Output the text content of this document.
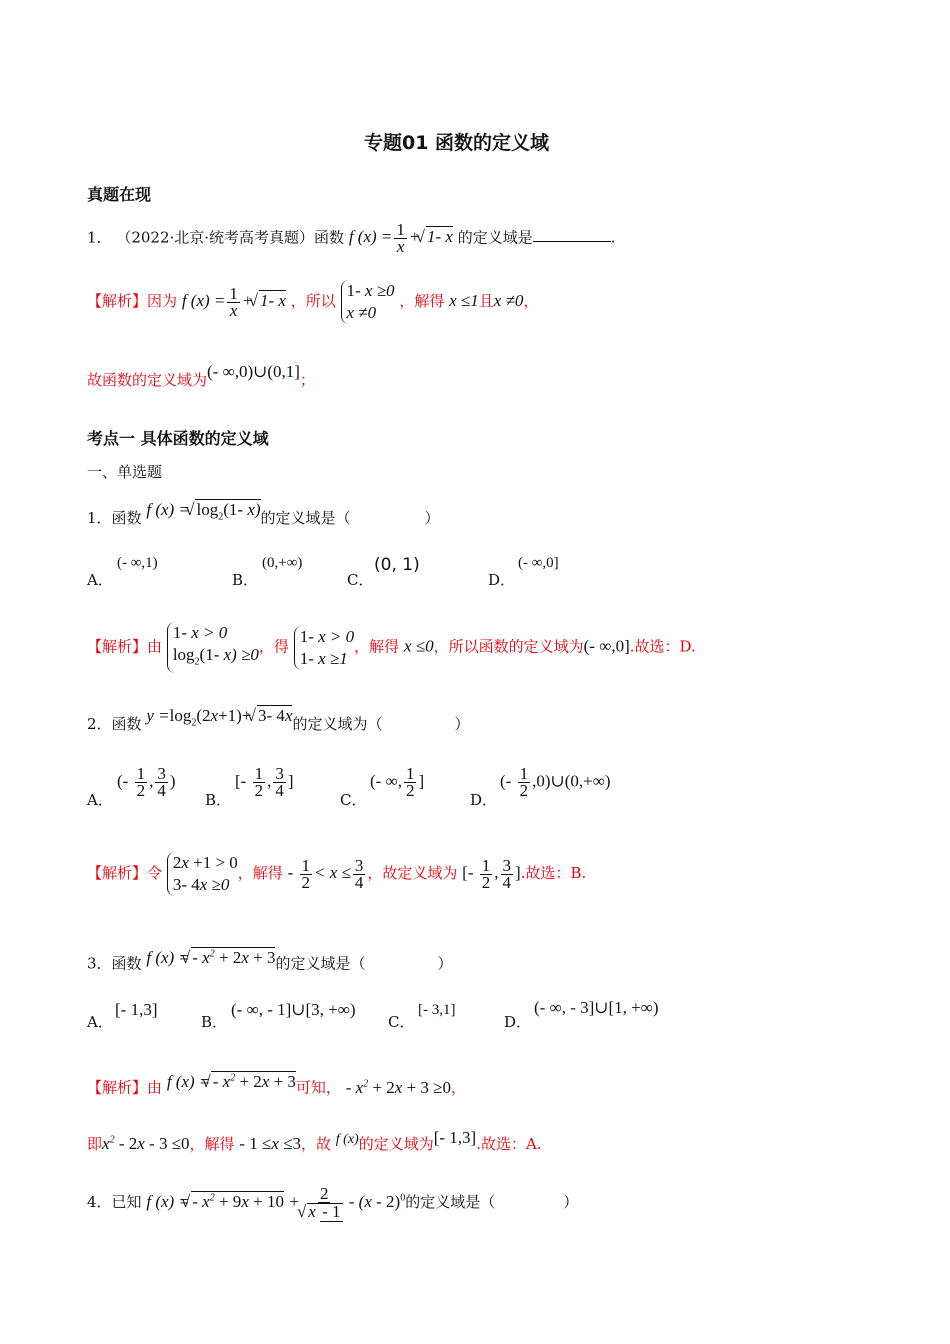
专题01 函数的定义域
真题在现
1． （2022·北京·统考高考真题）函数 f $(x) = \frac{1}{x}$ + √ 1- x 的定义域是	.
【解析】因为 f $(x) = \frac{1}{x}$ + √ 1- x ，所以 1- x ≥0
x ≠0 ，解得 x ≤1且x ≠0，
故函数的定义域为(- ∞,0)∪(0,1]；
考点一 具体函数的定义域
一、单选题
1．函数 f (x) = √ $\log_2(1-$ x)的定义域是（	）
A．
(- ∞,1)
B．
(0,+∞)
C．
(0, 1)
D．
(- ∞,0]
【解析】由 1- x > 0
$\log_2(1-$ x) ≥0，得 1- x > 0
1- x ≥1，解得 x ≤0，所以函数的定义域为(- ∞,0].故选：D.
2．函数 $y =\log_2(2x+1)+$ √ 3- 4x的定义域为（	）
A．
(- $\frac{1}{2}$ , $\frac{3}{4}$ )
B．
[- $\frac{1}{2}$ , $\frac{3}{4}$ ]
C．
(- ∞, $\frac{1}{2}$ ]
D．
(- $\frac{1}{2}$ ,0)∪(0,+∞)
【解析】令 2x +1 > 0
3- 4x ≥0，解得 - $\frac{1}{2} < x \le \frac{3}{4}$ ，故定义域为 [- $\frac{1}{2}$ , $\frac{3}{4}$ ].故选：B.
3．函数 f (x) = √ - $x^2 + 2x + 3$的定义域是（	）
A．
[- 1,3]
B．
(- ∞, - 1]∪[3, +∞)
C．
[- 3,1]
D．
(- ∞, - 3]∪[1, +∞)
【解析】由 f (x) = √ - $x^2 + 2x + 3$可知， - $x^2 + 2x + 3 \ge 0$，
即$x^2 - 2x - 3 \le 0$，解得 - 1 ≤x ≤3，故 f (x)的定义域为[- 1,3].故选：A.
4．已知 f (x) = √ - $x^2 + 9x + 10 + 2$
√ x - 1 - (x - 2)$^0$的定义域是（	）
